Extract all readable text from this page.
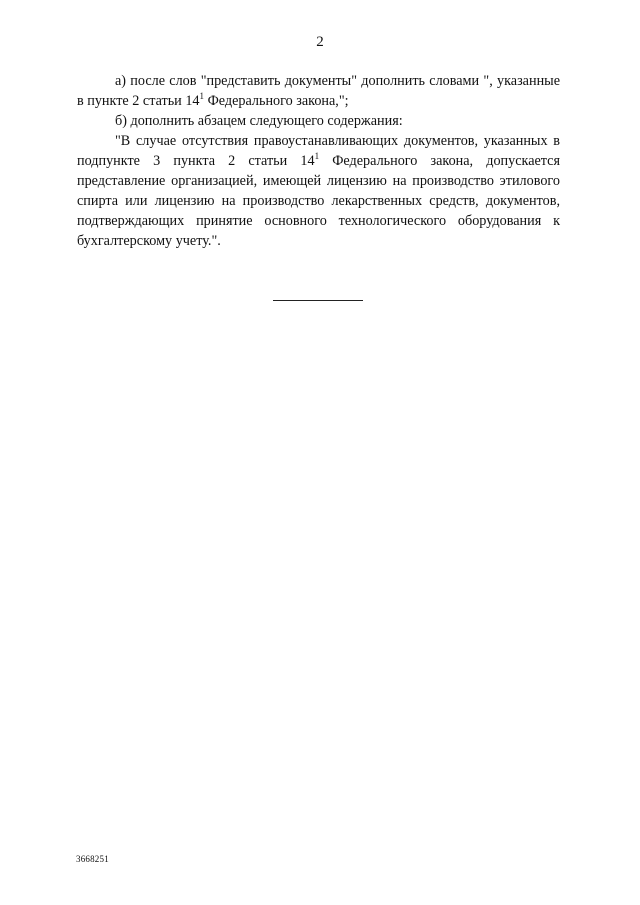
2

а) после слов "представить документы" дополнить словами ", указанные в пункте 2 статьи $14^1$ Федерального закона,";

б) дополнить абзацем следующего содержания:

"В случае отсутствия правоустанавливающих документов, указанных в подпункте 3 пункта 2 статьи $14^1$ Федерального закона, допускается представление организацией, имеющей лицензию на производство этилового спирта или лицензию на производство лекарственных средств, документов, подтверждающих принятие основного технологического оборудования к бухгалтерскому учету.".

3668251
